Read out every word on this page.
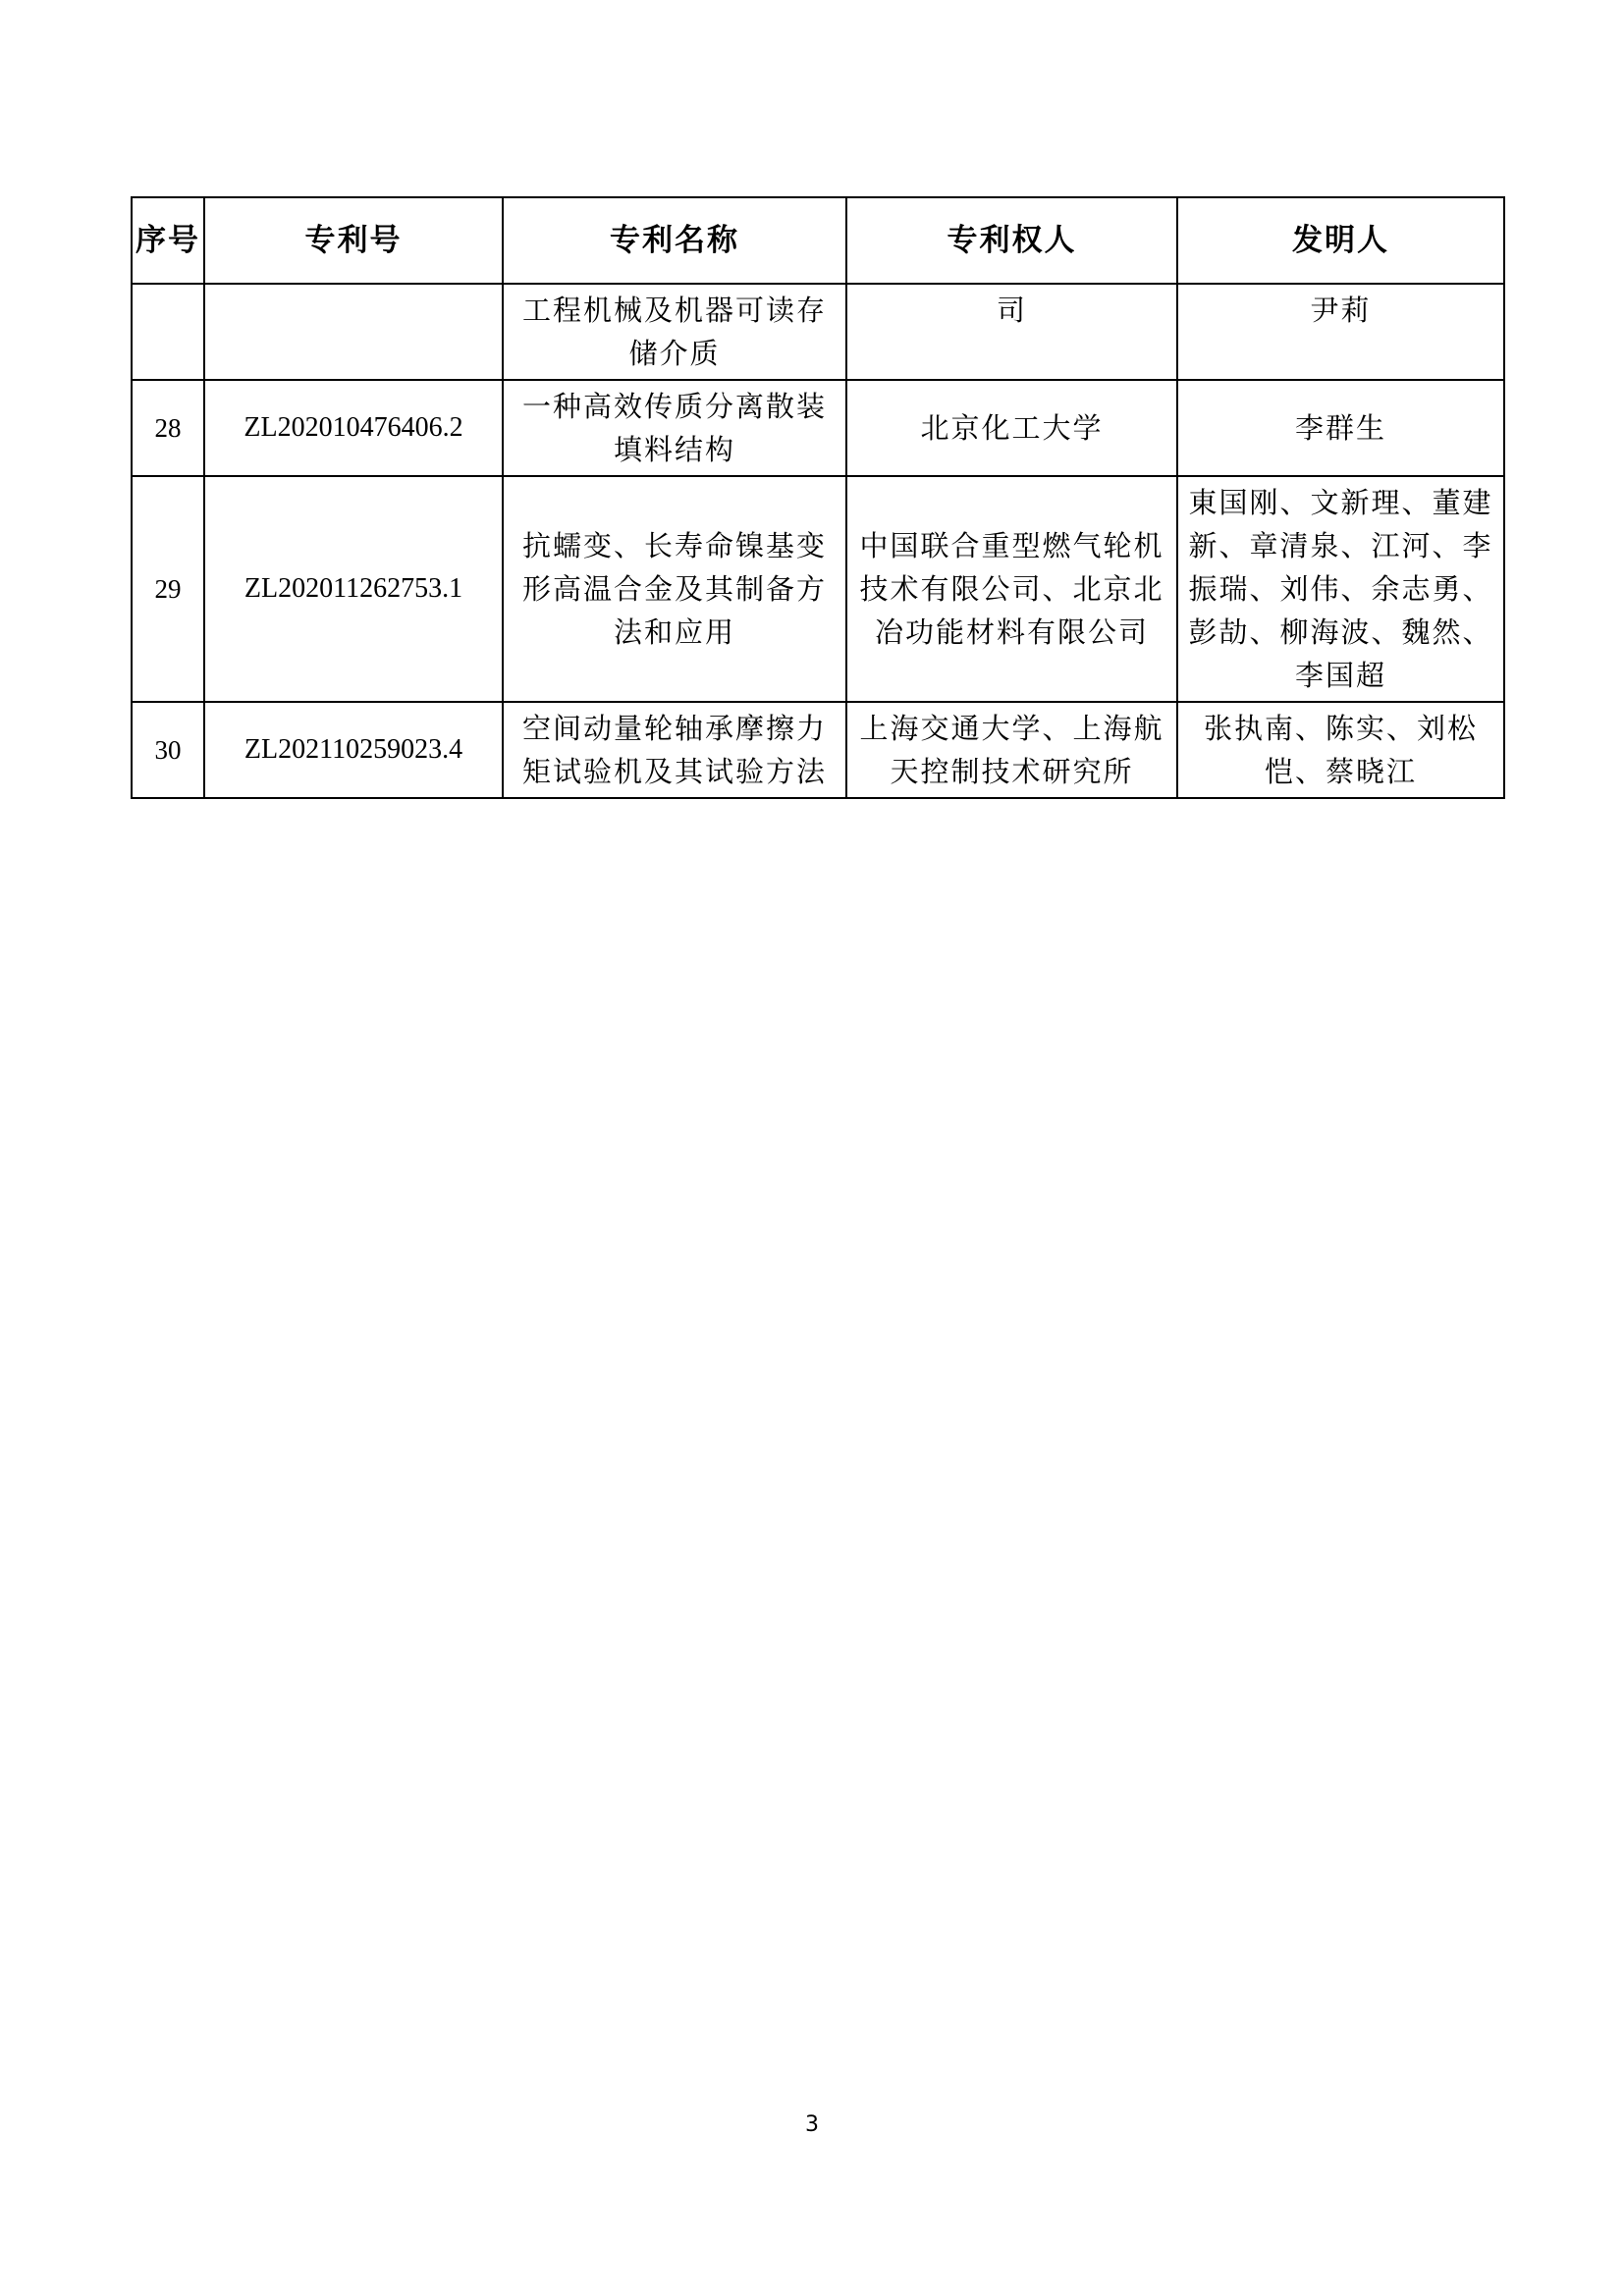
序号	专利号	专利名称	专利权人	发明人
		工程机械及机器可读存储介质	司	尹莉
28	ZL202010476406.2	一种高效传质分离散装填料结构	北京化工大学	李群生
29	ZL202011262753.1	抗蠕变、长寿命镍基变形高温合金及其制备方法和应用	中国联合重型燃气轮机技术有限公司、北京北冶功能材料有限公司	東国刚、文新理、董建新、章清泉、江河、李振瑞、刘伟、余志勇、彭劼、柳海波、魏然、李国超
30	ZL202110259023.4	空间动量轮轴承摩擦力矩试验机及其试验方法	上海交通大学、上海航天控制技术研究所	张执南、陈实、刘松恺、蔡晓江
3
